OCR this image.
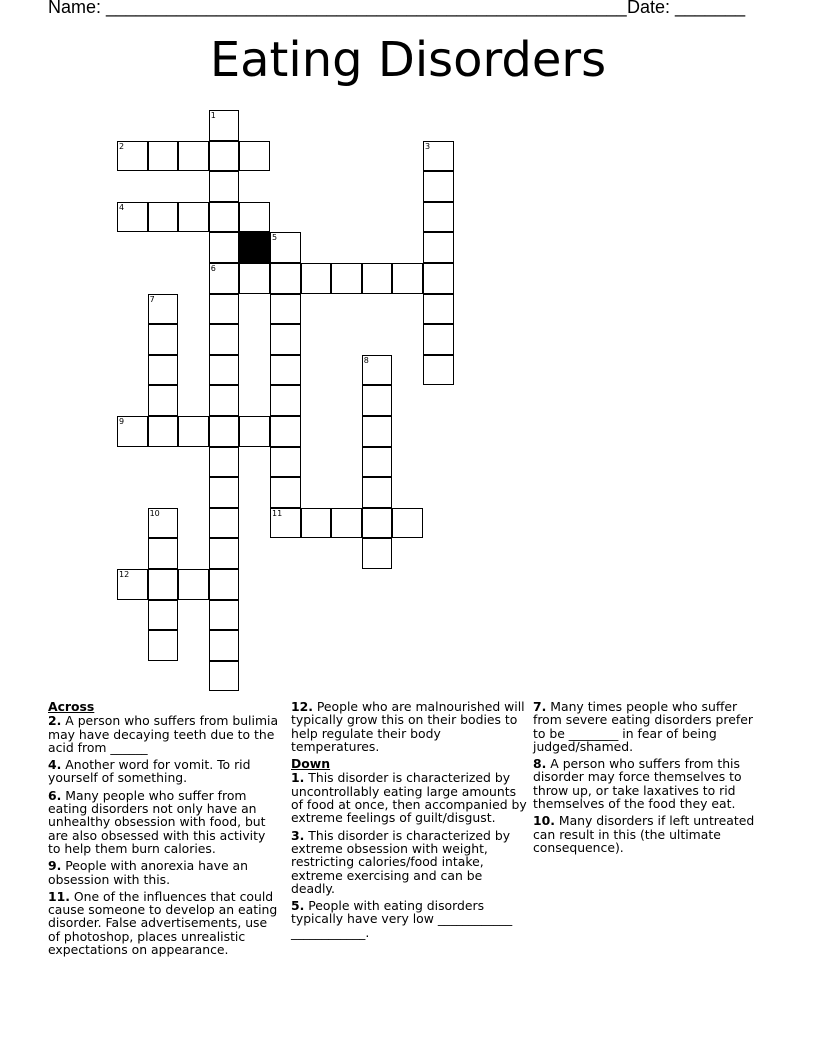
Name: ____________________________________________________ Date: _______
Eating Disorders
1
2	3
4
5
6
7
8
9
10	11
12
Across
2. A person who suffers from bulimia may have decaying teeth due to the acid from ______
4. Another word for vomit. To rid yourself of something.
6. Many people who suffer from eating disorders not only have an unhealthy obsession with food, but are also obsessed with this activity to help them burn calories.
9. People with anorexia have an obsession with this.
11. One of the influences that could cause someone to develop an eating disorder. False advertisements, use of photoshop, places unrealistic expectations on appearance.
12. People who are malnourished will typically grow this on their bodies to help regulate their body temperatures.
Down
1. This disorder is characterized by uncontrollably eating large amounts of food at once, then accompanied by extreme feelings of guilt/disgust.
3. This disorder is characterized by extreme obsession with weight, restricting calories/food intake, extreme exercising and can be deadly.
5. People with eating disorders typically have very low ____________ ____________.
7. Many times people who suffer from severe eating disorders prefer to be ________ in fear of being judged/shamed.
8. A person who suffers from this disorder may force themselves to throw up, or take laxatives to rid themselves of the food they eat.
10. Many disorders if left untreated can result in this (the ultimate consequence).
